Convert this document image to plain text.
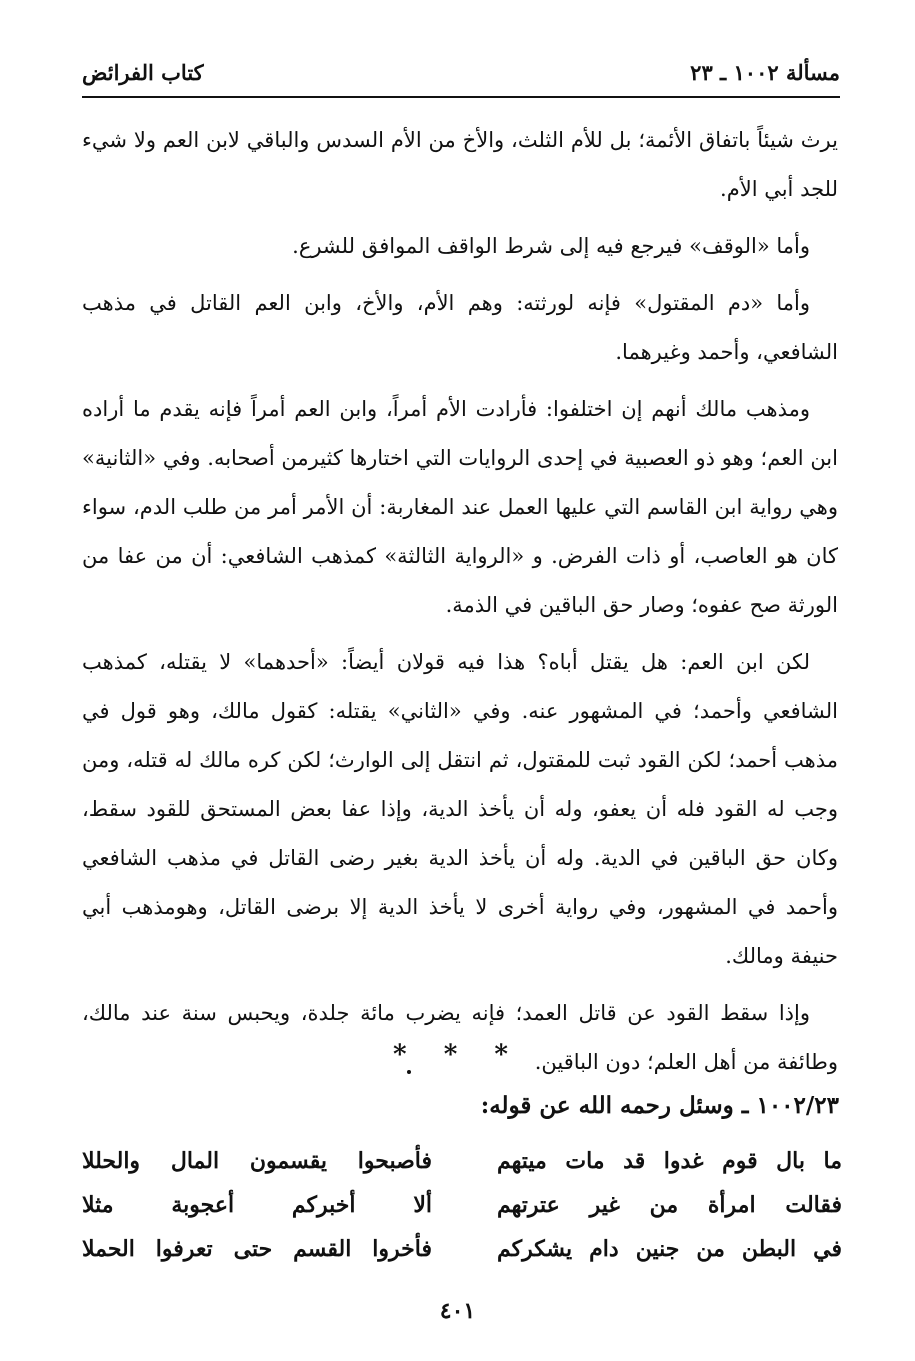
مسألة ١٠٠٢ ـ ٢٣
كتاب الفرائض

يرث شيئاً باتفاق الأئمة؛ بل للأم الثلث، والأخ من الأم السدس والباقي لابن العم ولا شيء للجد أبي الأم.

وأما «الوقف» فيرجع فيه إلى شرط الواقف الموافق للشرع.

وأما «دم المقتول» فإنه لورثته: وهم الأم، والأخ، وابن العم القاتل في مذهب الشافعي، وأحمد وغيرهما.

ومذهب مالك أنهم إن اختلفوا: فأرادت الأم أمراً، وابن العم أمراً فإنه يقدم ما أراده ابن العم؛ وهو ذو العصبية في إحدى الروايات التي اختارها كثيرمن أصحابه. وفي «الثانية» وهي رواية ابن القاسم التي عليها العمل عند المغاربة: أن الأمر أمر من طلب الدم، سواء كان هو العاصب، أو ذات الفرض. و «الرواية الثالثة» كمذهب الشافعي: أن من عفا من الورثة صح عفوه؛ وصار حق الباقين في الذمة.

لكن ابن العم: هل يقتل أباه؟ هذا فيه قولان أيضاً: «أحدهما» لا يقتله، كمذهب الشافعي وأحمد؛ في المشهور عنه. وفي «الثاني» يقتله: كقول مالك، وهو قول في مذهب أحمد؛ لكن القود ثبت للمقتول، ثم انتقل إلى الوارث؛ لكن كره مالك له قتله، ومن وجب له القود فله أن يعفو، وله أن يأخذ الدية، وإذا عفا بعض المستحق للقود سقط، وكان حق الباقين في الدية. وله أن يأخذ الدية بغير رضى القاتل في مذهب الشافعي وأحمد في المشهور، وفي رواية أخرى لا يأخذ الدية إلا برضى القاتل، وهومذهب أبي حنيفة ومالك.

وإذا سقط القود عن قاتل العمد؛ فإنه يضرب مائة جلدة، ويحبس سنة عند مالك، وطائفة من أهل العلم؛ دون الباقين.

* * *
١٠٠٢/٢٣ ـ وسئل رحمه الله عن قوله:
ما بال قوم غدوا قد مات ميتهم
فأصبحوا يقسمون المال والحللا
فقالت امرأة من غير عترتهم
ألا أخبركم أعجوبة مثلا
في البطن من جنين دام يشكركم
فأخروا القسم حتى تعرفوا الحملا
٤٠١
